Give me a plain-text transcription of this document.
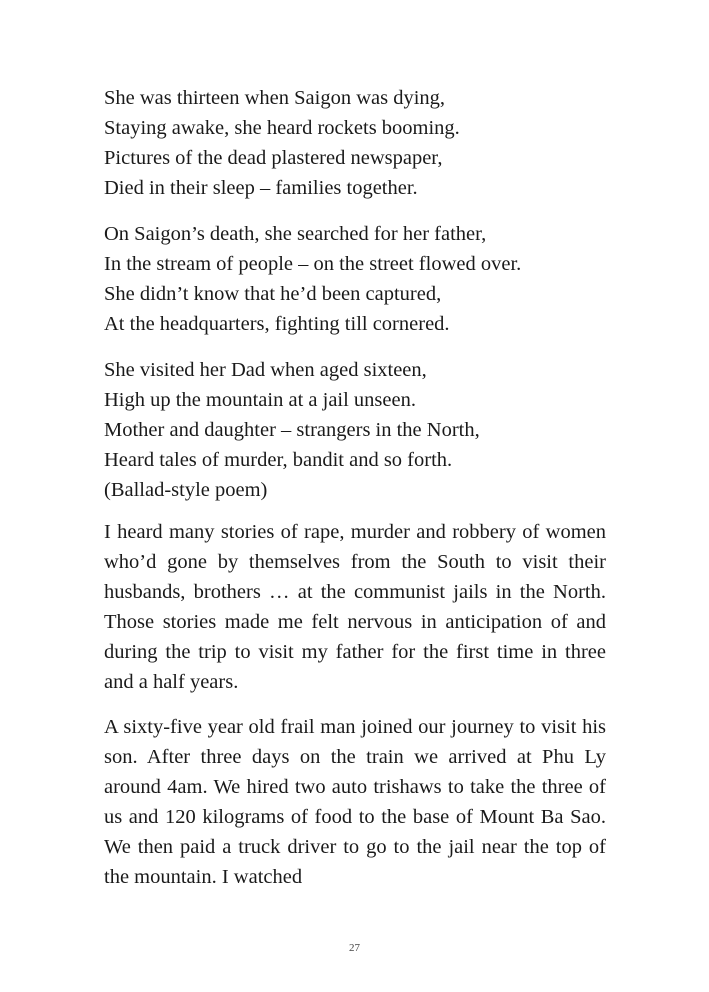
She was thirteen when Saigon was dying,
Staying awake, she heard rockets booming.
Pictures of the dead plastered newspaper,
Died in their sleep – families together.
On Saigon’s death, she searched for her father,
In the stream of people – on the street flowed over.
She didn’t know that he’d been captured,
At the headquarters, fighting till cornered.
She visited her Dad when aged sixteen,
High up the mountain at a jail unseen.
Mother and daughter – strangers in the North,
Heard tales of murder, bandit and so forth.
(Ballad-style poem)

I heard many stories of rape, murder and robbery of women who’d gone by themselves from the South to visit their husbands, brothers … at the communist jails in the North. Those stories made me felt nervous in anticipation of and during the trip to visit my father for the first time in three and a half years.

A sixty-five year old frail man joined our journey to visit his son. After three days on the train we arrived at Phu Ly around 4am. We hired two auto trishaws to take the three of us and 120 kilograms of food to the base of Mount Ba Sao. We then paid a truck driver to go to the jail near the top of the mountain. I watched

27
